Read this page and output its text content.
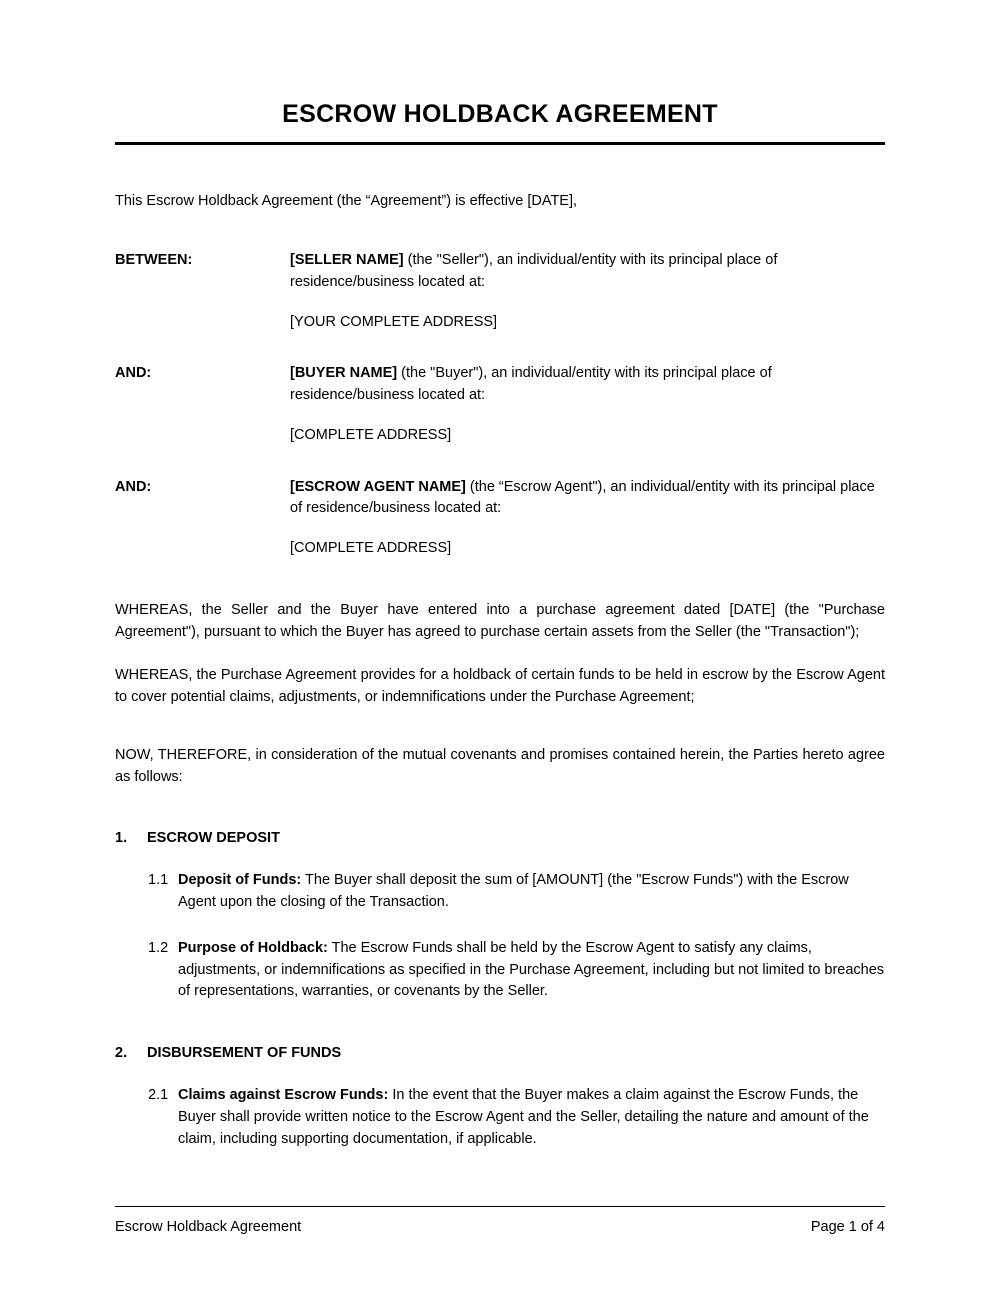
ESCROW HOLDBACK AGREEMENT

This Escrow Holdback Agreement (the “Agreement”) is effective [DATE],

BETWEEN:	[SELLER NAME] (the "Seller"), an individual/entity with its principal place of residence/business located at:
[YOUR COMPLETE ADDRESS]
AND:	[BUYER NAME] (the "Buyer"), an individual/entity with its principal place of residence/business located at:
[COMPLETE ADDRESS]
AND:	[ESCROW AGENT NAME] (the “Escrow Agent"), an individual/entity with its principal place of residence/business located at:
[COMPLETE ADDRESS]

WHEREAS, the Seller and the Buyer have entered into a purchase agreement dated [DATE] (the "Purchase Agreement"), pursuant to which the Buyer has agreed to purchase certain assets from the Seller (the "Transaction");

WHEREAS, the Purchase Agreement provides for a holdback of certain funds to be held in escrow by the Escrow Agent to cover potential claims, adjustments, or indemnifications under the Purchase Agreement;

NOW, THEREFORE, in consideration of the mutual covenants and promises contained herein, the Parties hereto agree as follows:

1.	ESCROW DEPOSIT
1.1 Deposit of Funds: The Buyer shall deposit the sum of [AMOUNT] (the "Escrow Funds") with the Escrow Agent upon the closing of the Transaction.
1.2 Purpose of Holdback: The Escrow Funds shall be held by the Escrow Agent to satisfy any claims, adjustments, or indemnifications as specified in the Purchase Agreement, including but not limited to breaches of representations, warranties, or covenants by the Seller.
2.	DISBURSEMENT OF FUNDS
2.1 Claims against Escrow Funds: In the event that the Buyer makes a claim against the Escrow Funds, the Buyer shall provide written notice to the Escrow Agent and the Seller, detailing the nature and amount of the claim, including supporting documentation, if applicable.
Escrow Holdback Agreement	Page 1 of 4
